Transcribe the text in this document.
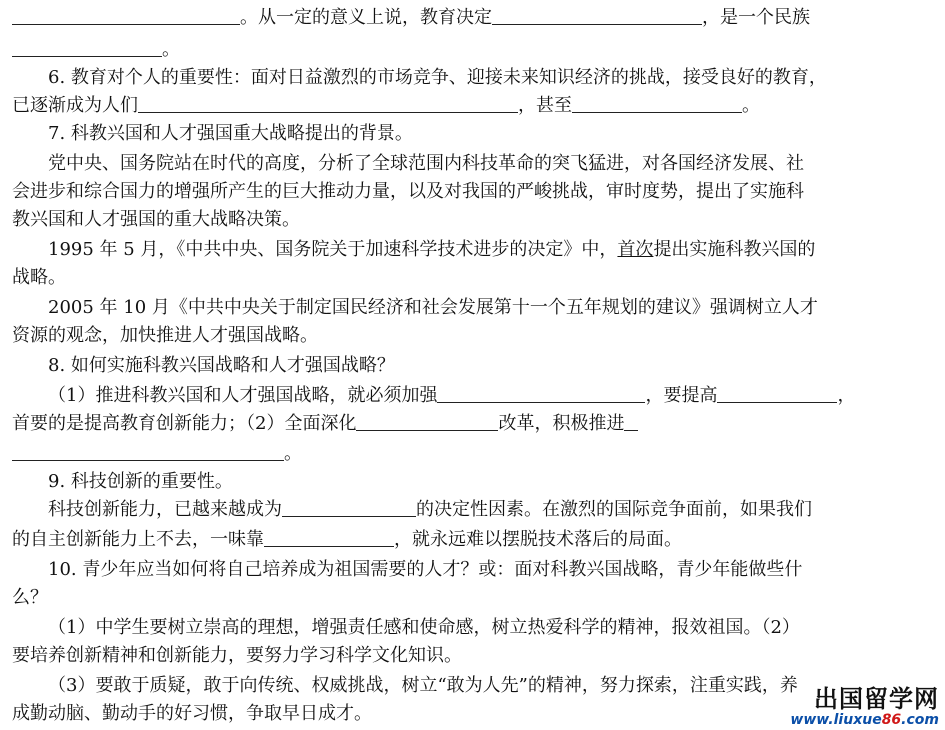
。从一定的意义上说，教育决定	，是一个民族
。
6. 教育对个人的重要性：面对日益激烈的市场竞争、迎接未来知识经济的挑战，接受良好的教育，
已逐渐成为人们	，甚至	。
7. 科教兴国和人才强国重大战略提出的背景。
党中央、国务院站在时代的高度，分析了全球范围内科技革命的突飞猛进，对各国经济发展、社
会进步和综合国力的增强所产生的巨大推动力量，以及对我国的严峻挑战，审时度势，提出了实施科
教兴国和人才强国的重大战略决策。
1995 年 5 月，《中共中央、国务院关于加速科学技术进步的决定》中，首次提出实施科教兴国的
战略。
2005 年 10 月《中共中央关于制定国民经济和社会发展第十一个五年规划的建议》强调树立人才
资源的观念，加快推进人才强国战略。
8. 如何实施科教兴国战略和人才强国战略？
（1）推进科教兴国和人才强国战略，就必须加强	，要提高	，
首要的是提高教育创新能力；（2）全面深化	改革，积极推进
。
9. 科技创新的重要性。
科技创新能力，已越来越成为	的决定性因素。在激烈的国际竞争面前，如果我们
的自主创新能力上不去，一味靠	，就永远难以摆脱技术落后的局面。
10. 青少年应当如何将自己培养成为祖国需要的人才？或：面对科教兴国战略，青少年能做些什
么？
（1）中学生要树立崇高的理想，增强责任感和使命感，树立热爱科学的精神，报效祖国。（2）
要培养创新精神和创新能力，要努力学习科学文化知识。
（3）要敢于质疑，敢于向传统、权威挑战，树立“敢为人先”的精神，努力探索，注重实践，养
成勤动脑、勤动手的好习惯，争取早日成才。
出国留学网
www.liuxue86.com
